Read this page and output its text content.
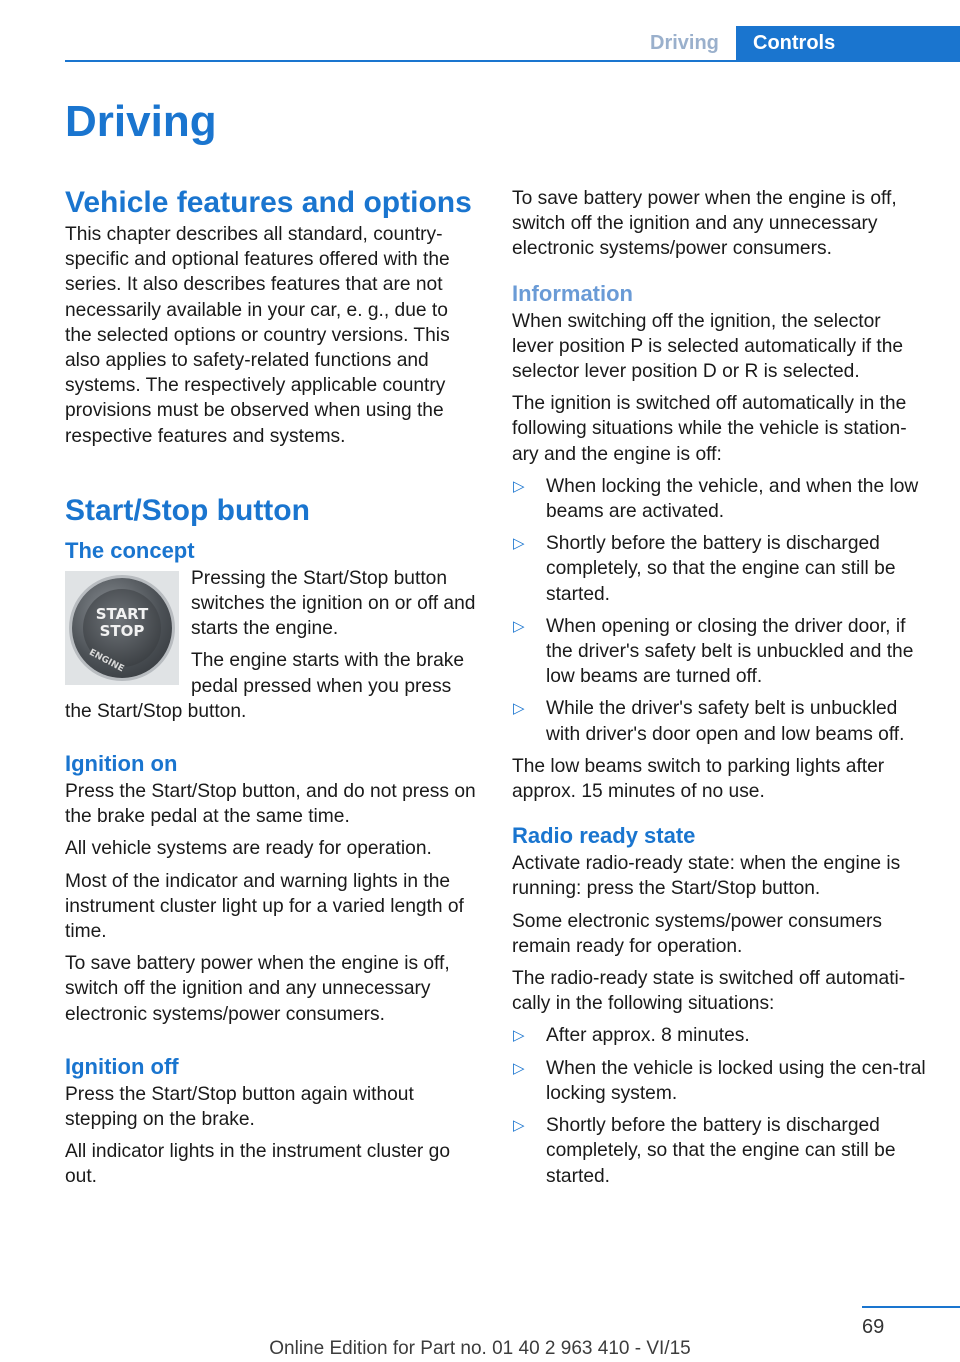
Driving	Controls
Driving
Vehicle features and options

This chapter describes all standard, country-specific and optional features offered with the series. It also describes features that are not necessarily available in your car, e. g., due to the selected options or country versions. This also applies to safety-related functions and systems. The respectively applicable country provisions must be observed when using the respective features and systems.

Start/Stop button
The concept
START
STOP
ENGINE

Pressing the Start/Stop button switches the ignition on or off and starts the engine.

The engine starts with the brake pedal pressed when you press the Start/Stop button.

Ignition on

Press the Start/Stop button, and do not press on the brake pedal at the same time.

All vehicle systems are ready for operation.

Most of the indicator and warning lights in the instrument cluster light up for a varied length of time.

To save battery power when the engine is off, switch off the ignition and any unnecessary electronic systems/power consumers.

Ignition off

Press the Start/Stop button again without stepping on the brake.

All indicator lights in the instrument cluster go out.

To save battery power when the engine is off, switch off the ignition and any unnecessary electronic systems/power consumers.

Information

When switching off the ignition, the selector lever position P is selected automatically if the selector lever position D or R is selected.

The ignition is switched off automatically in the following situations while the vehicle is station-ary and the engine is off:

▷ When locking the vehicle, and when the low beams are activated.
▷ Shortly before the battery is discharged completely, so that the engine can still be started.
▷ When opening or closing the driver door, if the driver's safety belt is unbuckled and the low beams are turned off.
▷ While the driver's safety belt is unbuckled with driver's door open and low beams off.

The low beams switch to parking lights after approx. 15 minutes of no use.

Radio ready state

Activate radio-ready state: when the engine is running: press the Start/Stop button.

Some electronic systems/power consumers remain ready for operation.

The radio-ready state is switched off automati-cally in the following situations:

▷ After approx. 8 minutes.
▷ When the vehicle is locked using the cen-tral locking system.
▷ Shortly before the battery is discharged completely, so that the engine can still be started.
69
Online Edition for Part no. 01 40 2 963 410 - VI/15
